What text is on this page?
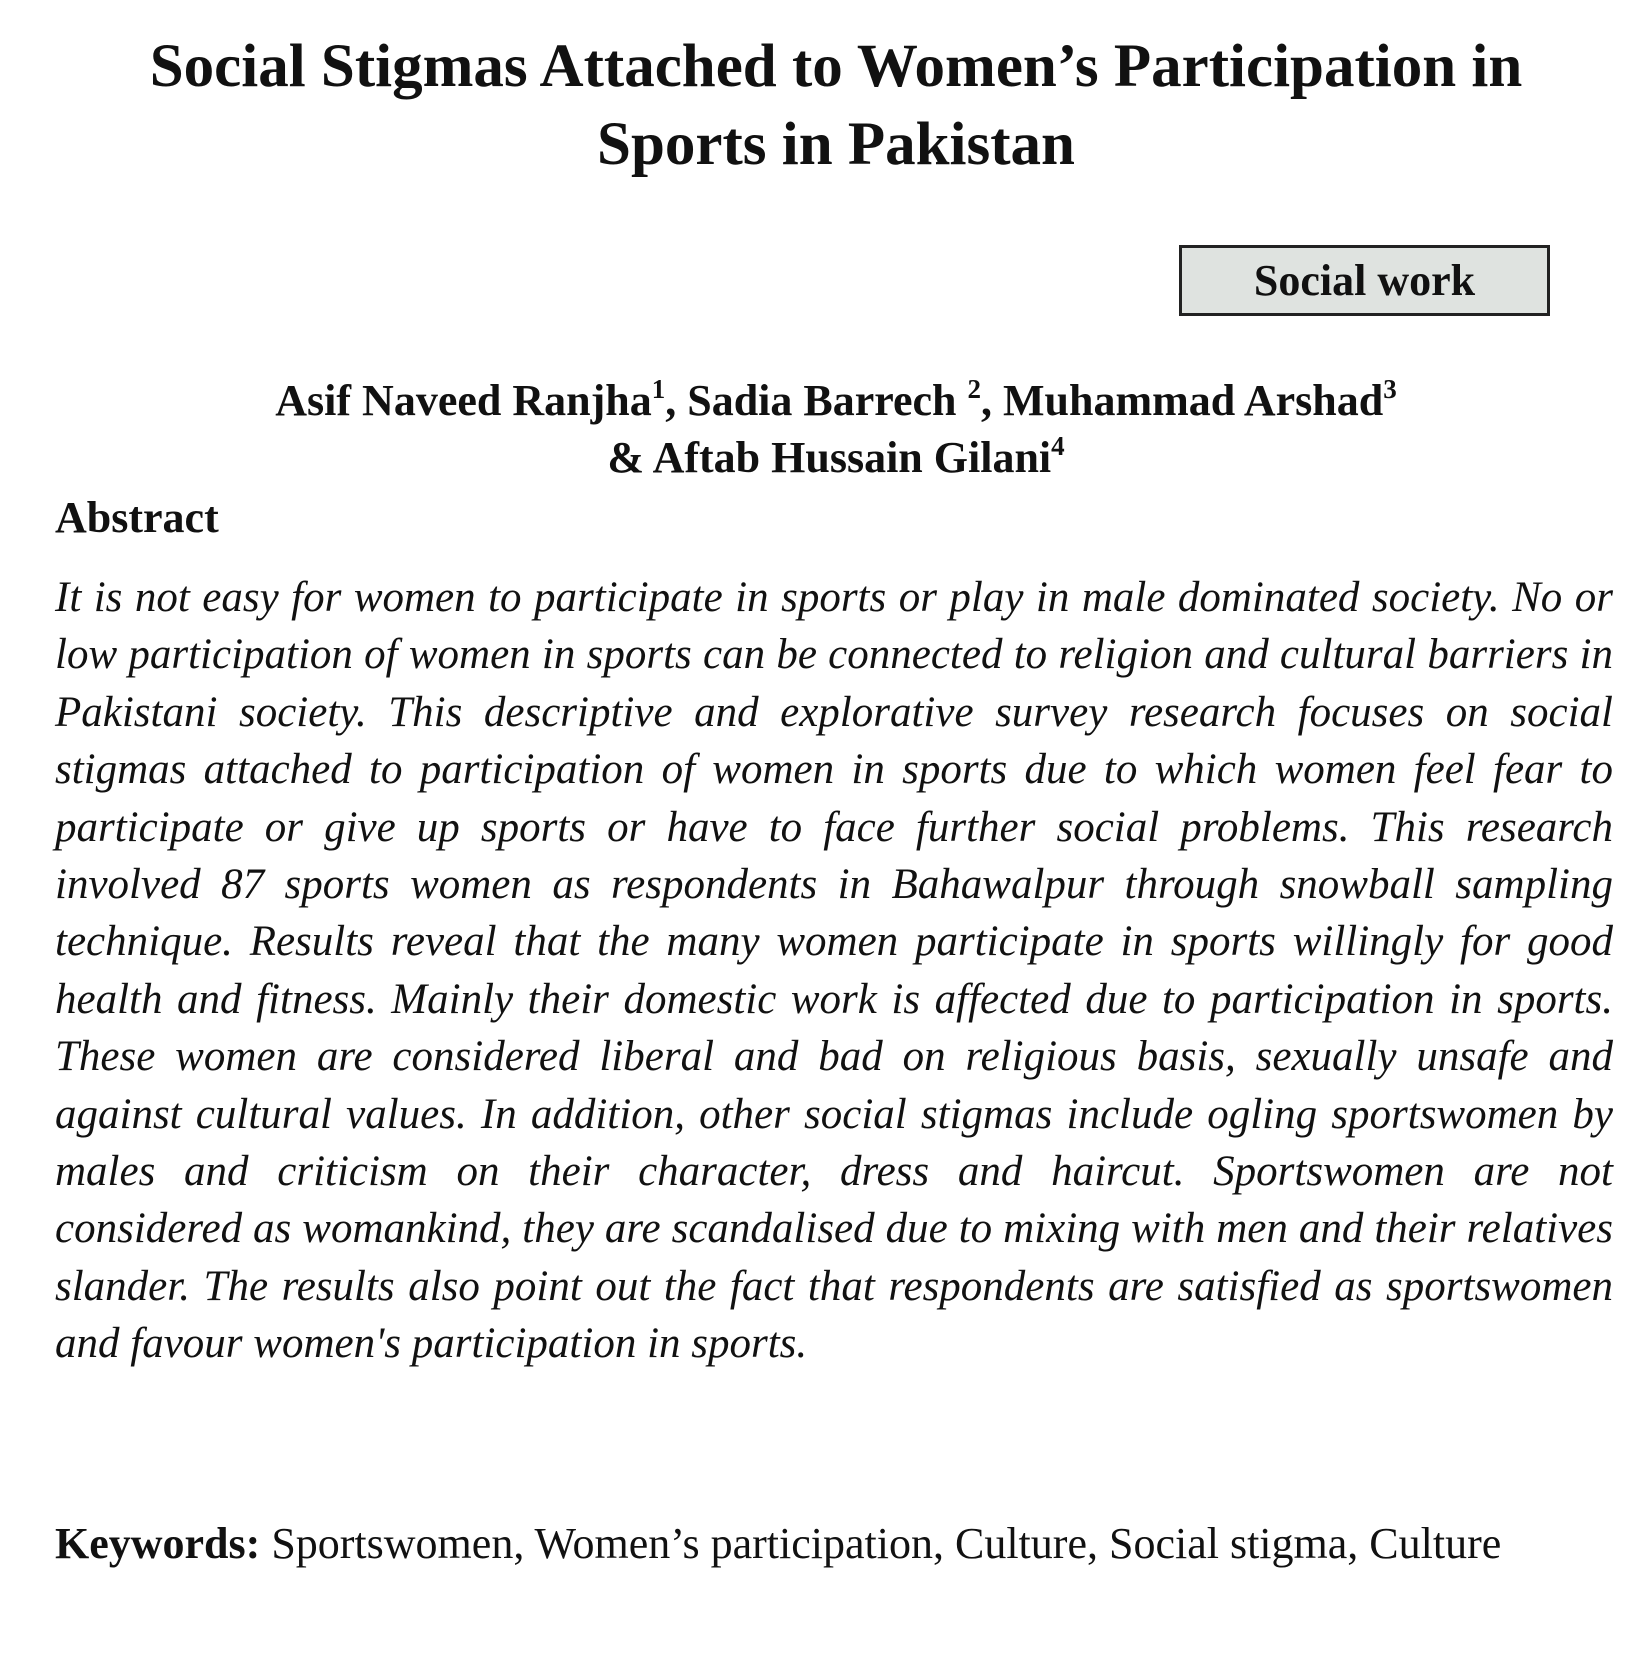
Social Stigmas Attached to Women’s Participation in
Sports in Pakistan
Social work
Asif Naveed Ranjha$^1$, Sadia Barrech $^2$, Muhammad Arshad$^3$
& Aftab Hussain Gilani$^4$
Abstract

It is not easy for women to participate in sports or play in male dominated society. No or low participation of women in sports can be connected to religion and cultural barriers in Pakistani society. This descriptive and explorative survey research focuses on social stigmas attached to participation of women in sports due to which women feel fear to participate or give up sports or have to face further social problems. This research involved 87 sports women as respondents in Bahawalpur through snowball sampling technique. Results reveal that the many women participate in sports willingly for good health and fitness. Mainly their domestic work is affected due to participation in sports. These women are considered liberal and bad on religious basis, sexually unsafe and against cultural values. In addition, other social stigmas include ogling sportswomen by males and criticism on their character, dress and haircut. Sportswomen are not considered as womankind, they are scandalised due to mixing with men and their relatives slander. The results also point out the fact that respondents are satisfied as sportswomen and favour women's participation in sports.

Keywords: Sportswomen, Women’s participation, Culture, Social stigma, Culture
